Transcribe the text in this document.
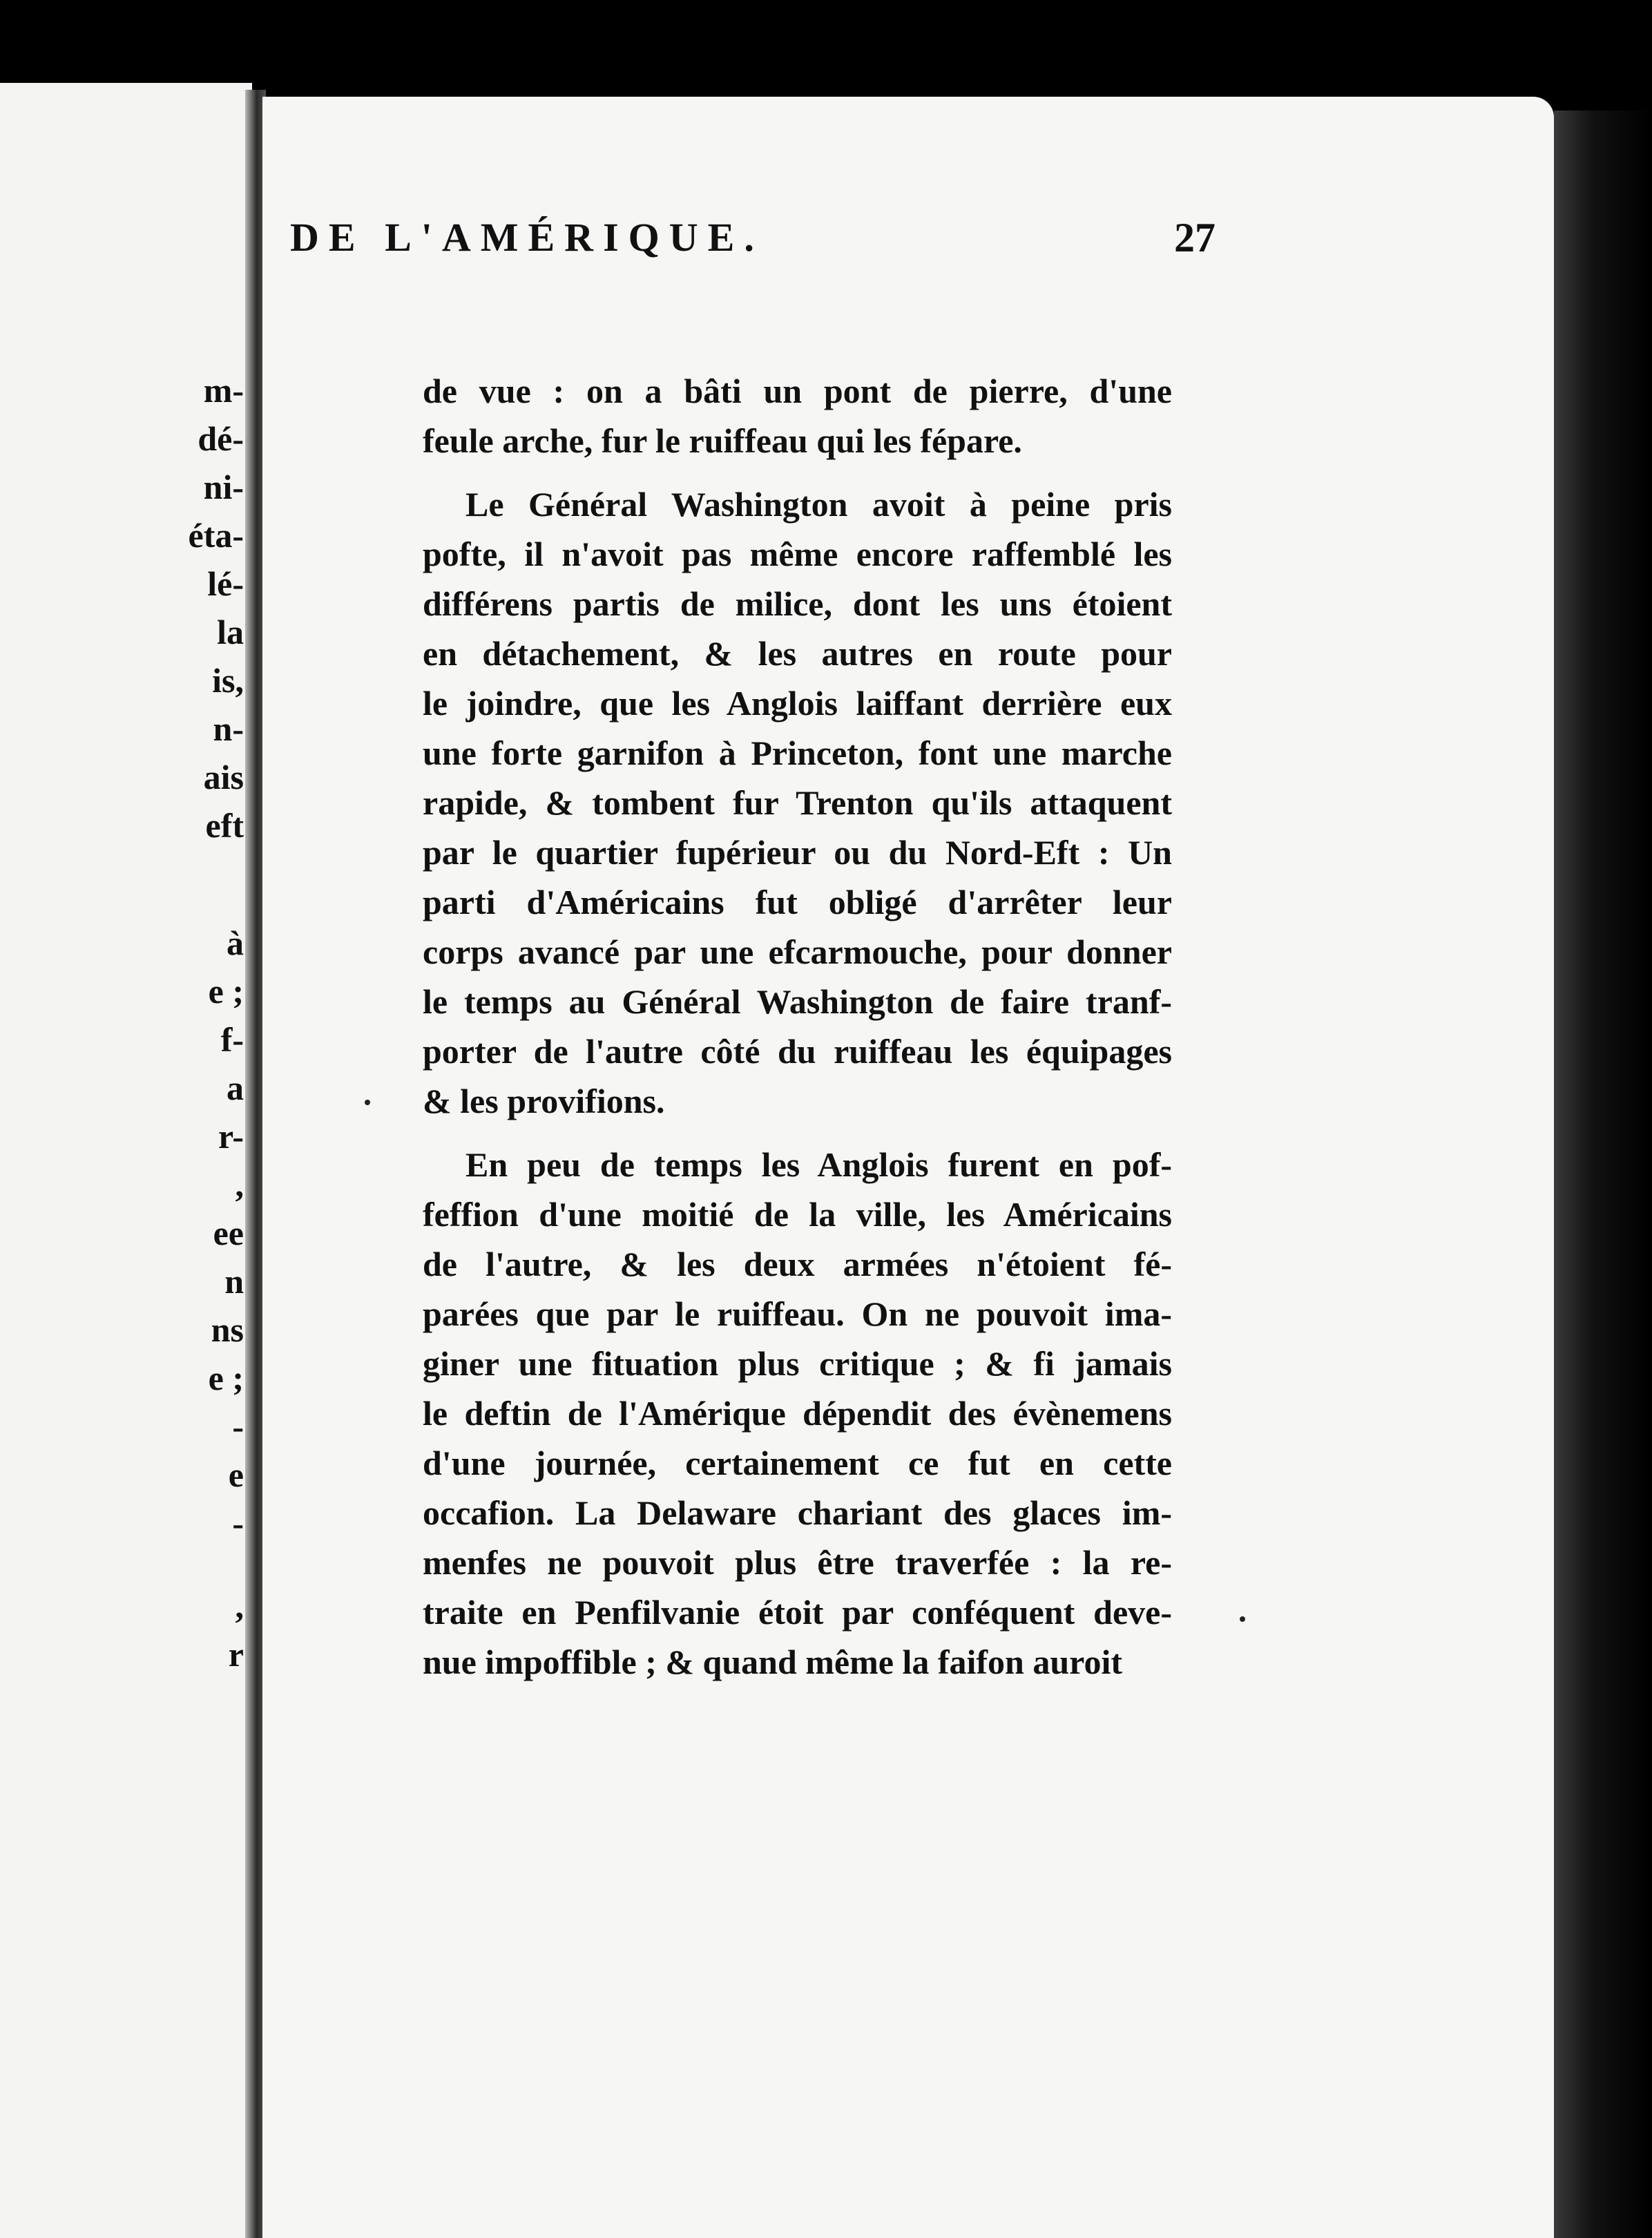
m-
dé-
ni-
éta-
lé-
la
is,
n-
ais
eft
à
e ;
f-
a
r-
,
ee
n
ns
e ;
-
e
-
,
r
DE L'AMÉRIQUE.	27
de vue : on a bâti un pont de pierre, d'une
feule arche, fur le ruiffeau qui les fépare.
Le Général Washington avoit à peine pris
pofte, il n'avoit pas même encore raffemblé les
différens partis de milice, dont les uns étoient
en détachement, & les autres en route pour
le joindre, que les Anglois laiffant derrière eux
une forte garnifon à Princeton, font une marche
rapide, & tombent fur Trenton qu'ils attaquent
par le quartier fupérieur ou du Nord-Eft : Un
parti d'Américains fut obligé d'arrêter leur
corps avancé par une efcarmouche, pour donner
le temps au Général Washington de faire tranf-
porter de l'autre côté du ruiffeau les équipages
& les provifions.
En peu de temps les Anglois furent en pof-
feffion d'une moitié de la ville, les Américains
de l'autre, & les deux armées n'étoient fé-
parées que par le ruiffeau. On ne pouvoit ima-
giner une fituation plus critique ; & fi jamais
le deftin de l'Amérique dépendit des évènemens
d'une journée, certainement ce fut en cette
occafion. La Delaware chariant des glaces im-
menfes ne pouvoit plus être traverfée : la re-
traite en Penfilvanie étoit par conféquent deve-
nue impoffible ; & quand même la faifon auroit
